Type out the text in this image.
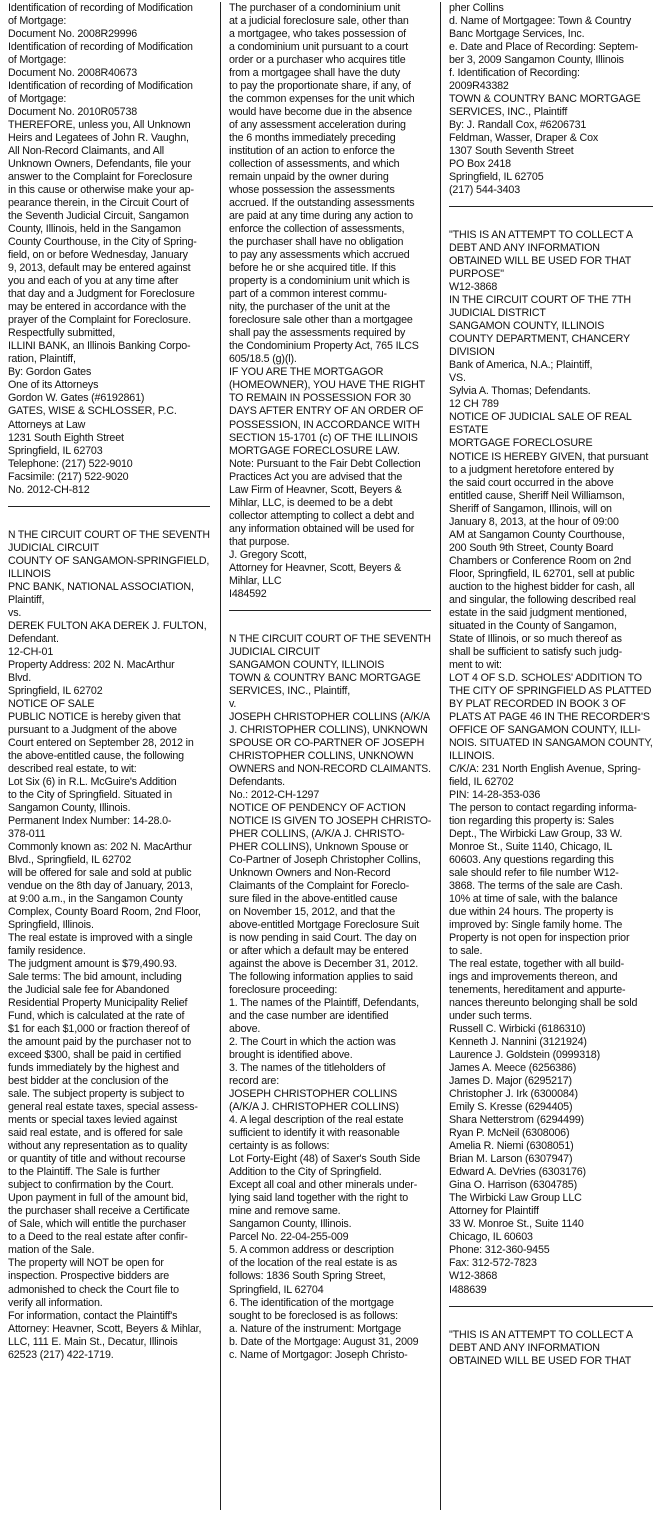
Identification of recording of Modification
of Mortgage:
Document No. 2008R29996
Identification of recording of Modification
of Mortgage:
Document No. 2008R40673
Identification of recording of Modification
of Mortgage:
Document No. 2010R05738
THEREFORE, unless you, All Unknown
Heirs and Legatees of John R. Vaughn,
All Non-Record Claimants, and All
Unknown Owners, Defendants, file your
answer to the Complaint for Foreclosure
in this cause or otherwise make your ap-
pearance therein, in the Circuit Court of
the Seventh Judicial Circuit, Sangamon
County, Illinois, held in the Sangamon
County Courthouse, in the City of Spring-
field, on or before Wednesday, January
9, 2013, default may be entered against
you and each of you at any time after
that day and a Judgment for Foreclosure
may be entered in accordance with the
prayer of the Complaint for Foreclosure.
Respectfully submitted,
ILLINI BANK, an Illinois Banking Corpo-
ration, Plaintiff,
By: Gordon Gates
One of its Attorneys
Gordon W. Gates (#6192861)
GATES, WISE & SCHLOSSER, P.C.
Attorneys at Law
1231 South Eighth Street
Springfield, IL 62703
Telephone: (217) 522-9010
Facsimile: (217) 522-9020
No. 2012-CH-812
N THE CIRCUIT COURT OF THE SEVENTH
JUDICIAL CIRCUIT
COUNTY OF SANGAMON-SPRINGFIELD,
ILLINOIS
PNC BANK, NATIONAL ASSOCIATION,
Plaintiff,
vs.
DEREK FULTON AKA DEREK J. FULTON,
Defendant.
12-CH-01
Property Address: 202 N. MacArthur
Blvd.
Springfield, IL 62702
NOTICE OF SALE
PUBLIC NOTICE is hereby given that
pursuant to a Judgment of the above
Court entered on September 28, 2012 in
the above-entitled cause, the following
described real estate, to wit:
Lot Six (6) in R.L. McGuire's Addition
to the City of Springfield. Situated in
Sangamon County, Illinois.
Permanent Index Number: 14-28.0-
378-011
Commonly known as: 202 N. MacArthur
Blvd., Springfield, IL 62702
will be offered for sale and sold at public
vendue on the 8th day of January, 2013,
at 9:00 a.m., in the Sangamon County
Complex, County Board Room, 2nd Floor,
Springfield, Illinois.
The real estate is improved with a single
family residence.
The judgment amount is $79,490.93.
Sale terms: The bid amount, including
the Judicial sale fee for Abandoned
Residential Property Municipality Relief
Fund, which is calculated at the rate of
$1 for each $1,000 or fraction thereof of
the amount paid by the purchaser not to
exceed $300, shall be paid in certified
funds immediately by the highest and
best bidder at the conclusion of the
sale. The subject property is subject to
general real estate taxes, special assess-
ments or special taxes levied against
said real estate, and is offered for sale
without any representation as to quality
or quantity of title and without recourse
to the Plaintiff. The Sale is further
subject to confirmation by the Court.
Upon payment in full of the amount bid,
the purchaser shall receive a Certificate
of Sale, which will entitle the purchaser
to a Deed to the real estate after confir-
mation of the Sale.
The property will NOT be open for
inspection. Prospective bidders are
admonished to check the Court file to
verify all information.
For information, contact the Plaintiff's
Attorney: Heavner, Scott, Beyers & Mihlar,
LLC, 111 E. Main St., Decatur, Illinois
62523 (217) 422-1719.
The purchaser of a condominium unit
at a judicial foreclosure sale, other than
a mortgagee, who takes possession of
a condominium unit pursuant to a court
order or a purchaser who acquires title
from a mortgagee shall have the duty
to pay the proportionate share, if any, of
the common expenses for the unit which
would have become due in the absence
of any assessment acceleration during
the 6 months immediately preceding
institution of an action to enforce the
collection of assessments, and which
remain unpaid by the owner during
whose possession the assessments
accrued. If the outstanding assessments
are paid at any time during any action to
enforce the collection of assessments,
the purchaser shall have no obligation
to pay any assessments which accrued
before he or she acquired title. If this
property is a condominium unit which is
part of a common interest commu-
nity, the purchaser of the unit at the
foreclosure sale other than a mortgagee
shall pay the assessments required by
the Condominium Property Act, 765 ILCS
605/18.5 (g)(l).
IF YOU ARE THE MORTGAGOR
(HOMEOWNER), YOU HAVE THE RIGHT
TO REMAIN IN POSSESSION FOR 30
DAYS AFTER ENTRY OF AN ORDER OF
POSSESSION, IN ACCORDANCE WITH
SECTION 15-1701 (c) OF THE ILLINOIS
MORTGAGE FORECLOSURE LAW.
Note: Pursuant to the Fair Debt Collection
Practices Act you are advised that the
Law Firm of Heavner, Scott, Beyers &
Mihlar, LLC, is deemed to be a debt
collector attempting to collect a debt and
any information obtained will be used for
that purpose.
J. Gregory Scott,
Attorney for Heavner, Scott, Beyers &
Mihlar, LLC
I484592
N THE CIRCUIT COURT OF THE SEVENTH
JUDICIAL CIRCUIT
SANGAMON COUNTY, ILLINOIS
TOWN & COUNTRY BANC MORTGAGE
SERVICES, INC., Plaintiff,
v.
JOSEPH CHRISTOPHER COLLINS (A/K/A
J. CHRISTOPHER COLLINS), UNKNOWN
SPOUSE OR CO-PARTNER OF JOSEPH
CHRISTOPHER COLLINS, UNKNOWN
OWNERS and NON-RECORD CLAIMANTS.
Defendants.
No.: 2012-CH-1297
NOTICE OF PENDENCY OF ACTION
NOTICE IS GIVEN TO JOSEPH CHRISTO-
PHER COLLINS, (A/K/A J. CHRISTO-
PHER COLLINS), Unknown Spouse or
Co-Partner of Joseph Christopher Collins,
Unknown Owners and Non-Record
Claimants of the Complaint for Foreclo-
sure filed in the above-entitled cause
on November 15, 2012, and that the
above-entitled Mortgage Foreclosure Suit
is now pending in said Court. The day on
or after which a default may be entered
against the above is December 31, 2012.
The following information applies to said
foreclosure proceeding:
1. The names of the Plaintiff, Defendants,
and the case number are identified
above.
2. The Court in which the action was
brought is identified above.
3. The names of the titleholders of
record are:
JOSEPH CHRISTOPHER COLLINS
(A/K/A J. CHRISTOPHER COLLINS)
4. A legal description of the real estate
sufficient to identify it with reasonable
certainty is as follows:
Lot Forty-Eight (48) of Saxer's South Side
Addition to the City of Springfield.
Except all coal and other minerals under-
lying said land together with the right to
mine and remove same.
Sangamon County, Illinois.
Parcel No. 22-04-255-009
5. A common address or description
of the location of the real estate is as
follows: 1836 South Spring Street,
Springfield, IL 62704
6. The identification of the mortgage
sought to be foreclosed is as follows:
a. Nature of the instrument: Mortgage
b. Date of the Mortgage: August 31, 2009
c. Name of Mortgagor: Joseph Christo-
pher Collins
d. Name of Mortgagee: Town & Country
Banc Mortgage Services, Inc.
e. Date and Place of Recording: Septem-
ber 3, 2009 Sangamon County, Illinois
f. Identification of Recording:
2009R43382
TOWN & COUNTRY BANC MORTGAGE
SERVICES, INC., Plaintiff
By: J. Randall Cox, #6206731
Feldman, Wasser, Draper & Cox
1307 South Seventh Street
PO Box 2418
Springfield, IL 62705
(217) 544-3403
"THIS IS AN ATTEMPT TO COLLECT A
DEBT AND ANY INFORMATION
OBTAINED WILL BE USED FOR THAT
PURPOSE"
W12-3868
IN THE CIRCUIT COURT OF THE 7TH
JUDICIAL DISTRICT
SANGAMON COUNTY, ILLINOIS
COUNTY DEPARTMENT, CHANCERY
DIVISION
Bank of America, N.A.; Plaintiff,
VS.
Sylvia A. Thomas; Defendants.
12 CH 789
NOTICE OF JUDICIAL SALE OF REAL
ESTATE
MORTGAGE FORECLOSURE
NOTICE IS HEREBY GIVEN, that pursuant
to a judgment heretofore entered by
the said court occurred in the above
entitled cause, Sheriff Neil Williamson,
Sheriff of Sangamon, Illinois, will on
January 8, 2013, at the hour of 09:00
AM at Sangamon County Courthouse,
200 South 9th Street, County Board
Chambers or Conference Room on 2nd
Floor, Springfield, IL 62701, sell at public
auction to the highest bidder for cash, all
and singular, the following described real
estate in the said judgment mentioned,
situated in the County of Sangamon,
State of Illinois, or so much thereof as
shall be sufficient to satisfy such judg-
ment to wit:
LOT 4 OF S.D. SCHOLES' ADDITION TO
THE CITY OF SPRINGFIELD AS PLATTED
BY PLAT RECORDED IN BOOK 3 OF
PLATS AT PAGE 46 IN THE RECORDER'S
OFFICE OF SANGAMON COUNTY, ILLI-
NOIS. SITUATED IN SANGAMON COUNTY,
ILLINOIS.
C/K/A: 231 North English Avenue, Spring-
field, IL 62702
PIN: 14-28-353-036
The person to contact regarding informa-
tion regarding this property is: Sales
Dept., The Wirbicki Law Group, 33 W.
Monroe St., Suite 1140, Chicago, IL
60603. Any questions regarding this
sale should refer to file number W12-
3868. The terms of the sale are Cash.
10% at time of sale, with the balance
due within 24 hours. The property is
improved by: Single family home. The
Property is not open for inspection prior
to sale.
The real estate, together with all build-
ings and improvements thereon, and
tenements, hereditament and appurte-
nances thereunto belonging shall be sold
under such terms.
Russell C. Wirbicki (6186310)
Kenneth J. Nannini (3121924)
Laurence J. Goldstein (0999318)
James A. Meece (6256386)
James D. Major (6295217)
Christopher J. Irk (6300084)
Emily S. Kresse (6294405)
Shara Netterstrom (6294499)
Ryan P. McNeil (6308006)
Amelia R. Niemi (6308051)
Brian M. Larson (6307947)
Edward A. DeVries (6303176)
Gina O. Harrison (6304785)
The Wirbicki Law Group LLC
Attorney for Plaintiff
33 W. Monroe St., Suite 1140
Chicago, IL 60603
Phone: 312-360-9455
Fax: 312-572-7823
W12-3868
I488639
"THIS IS AN ATTEMPT TO COLLECT A
DEBT AND ANY INFORMATION
OBTAINED WILL BE USED FOR THAT
